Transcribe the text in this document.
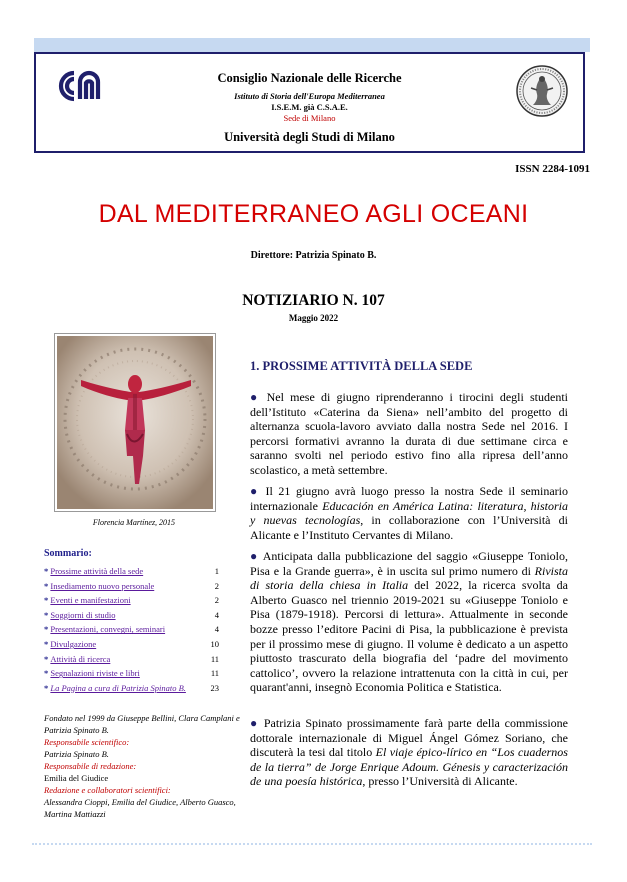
Consiglio Nazionale delle Ricerche
Istituto di Storia dell'Europa Mediterranea
I.S.E.M. già C.S.A.E.
Sede di Milano
Università degli Studi di Milano
ISSN 2284-1091
DAL MEDITERRANEO AGLI OCEANI
Direttore: Patrizia Spinato B.
NOTIZIARIO N. 107
Maggio 2022
Florencia Martínez, 2015
Sommario:
* Prossime attività della sede	1
* Insediamento nuovo personale	2
* Eventi e manifestazioni	2
* Soggiorni di studio	4
* Presentazioni, convegni, seminari	4
* Divulgazione	10
* Attività di ricerca	11
* Segnalazioni riviste e libri	11
* La Pagina a cura di Patrizia Spinato B.	23
Fondato nel 1999 da Giuseppe Bellini, Clara Camplani e Patrizia Spinato B.
Responsabile scientifico:
Patrizia Spinato B.
Responsabile di redazione:
Emilia del Giudice
Redazione e collaboratori scientifici:
Alessandra Cioppi, Emilia del Giudice, Alberto Guasco, Martina Mattiazzi
1. PROSSIME ATTIVITÀ DELLA SEDE
● Nel mese di giugno riprenderanno i tirocini degli studenti dell’Istituto «Caterina da Siena» nell’ambito del progetto di alternanza scuola-lavoro avviato dalla nostra Sede nel 2016. I percorsi formativi avranno la durata di due settimane circa e saranno svolti nel periodo estivo fino alla ripresa dell’anno scolastico, a metà settembre.
● Il 21 giugno avrà luogo presso la nostra Sede il seminario internazionale Educación en América Latina: literatura, historia y nuevas tecnologías, in collaborazione con l’Università di Alicante e l’Instituto Cervantes di Milano.
● Anticipata dalla pubblicazione del saggio «Giuseppe Toniolo, Pisa e la Grande guerra», è in uscita sul primo numero di Rivista di storia della chiesa in Italia del 2022, la ricerca svolta da Alberto Guasco nel triennio 2019-2021 su «Giuseppe Toniolo e Pisa (1879-1918). Percorsi di lettura». Attualmente in seconde bozze presso l’editore Pacini di Pisa, la pubblicazione è prevista per il prossimo mese di giugno. Il volume è dedicato a un aspetto piuttosto trascurato della biografia del ‘padre del movimento cattolico’, ovvero la relazione intrattenuta con la città in cui, per quarant'anni, insegnò Economia Politica e Statistica.
● Patrizia Spinato prossimamente farà parte della commissione dottorale internazionale di Miguel Ángel Gómez Soriano, che discuterà la tesi dal titolo El viaje épico-lírico en “Los cuadernos de la tierra” de Jorge Enrique Adoum. Génesis y caracterización de una poesía histórica, presso l’Università di Alicante.
